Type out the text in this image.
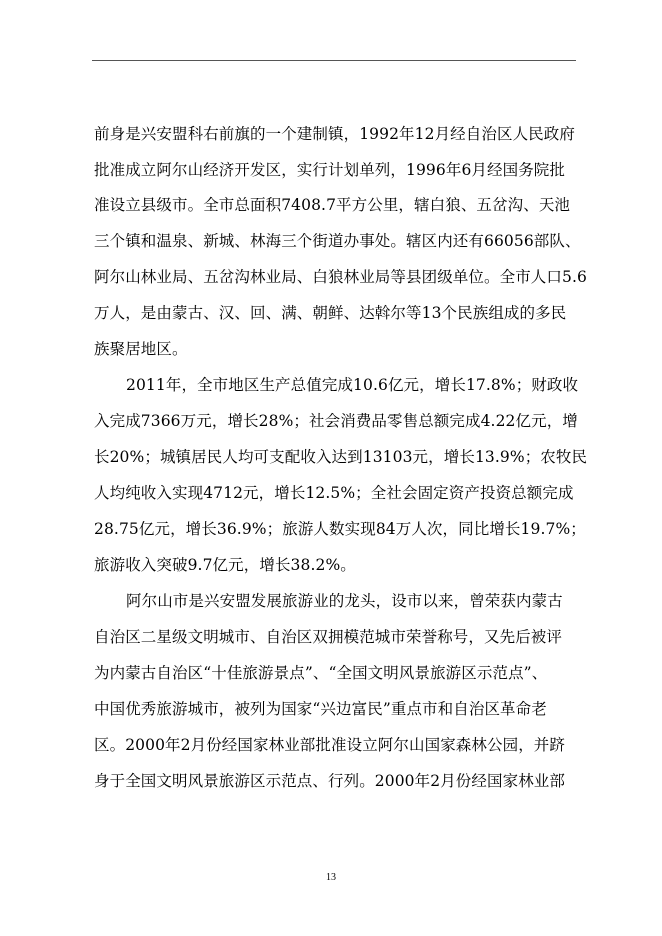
前身是兴安盟科右前旗的一个建制镇，1992年12月经自治区人民政府
批准成立阿尔山经济开发区，实行计划单列，1996年6月经国务院批
准设立县级市。全市总面积7408.7平方公里，辖白狼、五岔沟、天池
三个镇和温泉、新城、林海三个街道办事处。辖区内还有66056部队、
阿尔山林业局、五岔沟林业局、白狼林业局等县团级单位。全市人口5.6
万人，是由蒙古、汉、回、满、朝鲜、达斡尔等13个民族组成的多民
族聚居地区。
2011年，全市地区生产总值完成10.6亿元，增长17.8%；财政收
入完成7366万元，增长28%；社会消费品零售总额完成4.22亿元，增
长20%；城镇居民人均可支配收入达到13103元，增长13.9%；农牧民
人均纯收入实现4712元，增长12.5%；全社会固定资产投资总额完成
28.75亿元，增长36.9%；旅游人数实现84万人次，同比增长19.7%；
旅游收入突破9.7亿元，增长38.2%。
阿尔山市是兴安盟发展旅游业的龙头，设市以来，曾荣获内蒙古
自治区二星级文明城市、自治区双拥模范城市荣誉称号，又先后被评
为内蒙古自治区“十佳旅游景点”、“全国文明风景旅游区示范点”、
中国优秀旅游城市，被列为国家“兴边富民”重点市和自治区革命老
区。2000年2月份经国家林业部批准设立阿尔山国家森林公园，并跻
身于全国文明风景旅游区示范点、行列。2000年2月份经国家林业部
13
